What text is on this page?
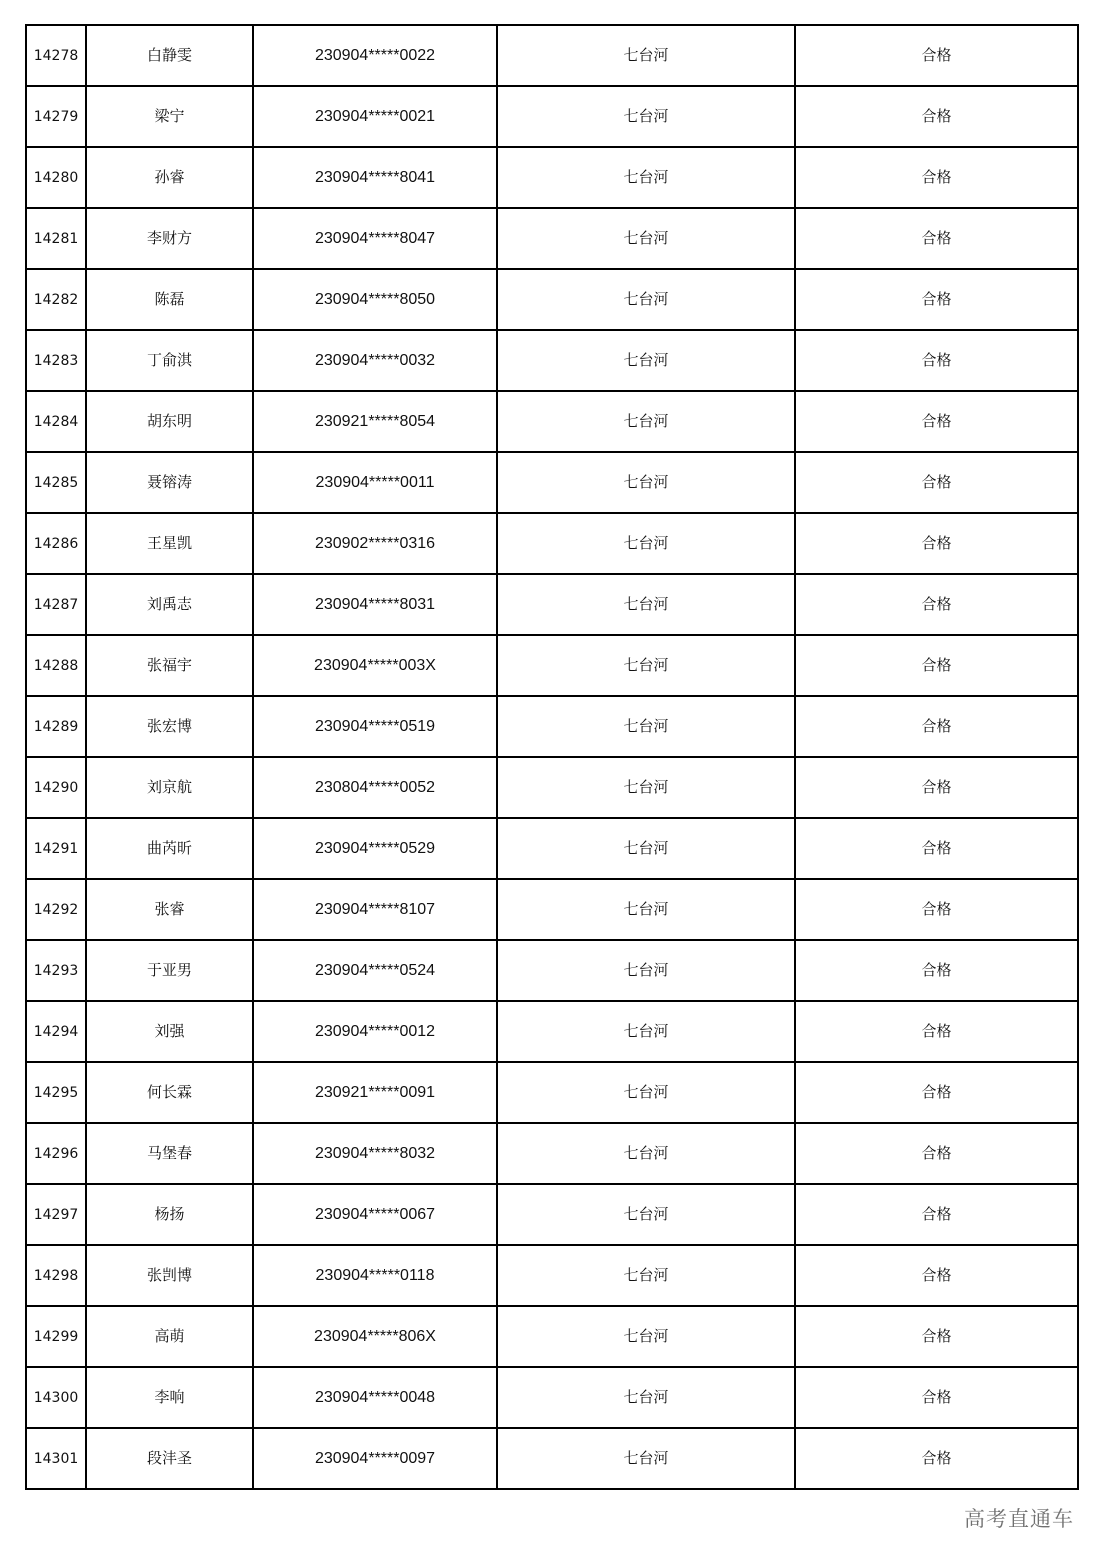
14278	白静雯	230904*****0022	七台河	合格
14279	梁宁	230904*****0021	七台河	合格
14280	孙睿	230904*****8041	七台河	合格
14281	李财方	230904*****8047	七台河	合格
14282	陈磊	230904*****8050	七台河	合格
14283	丁俞淇	230904*****0032	七台河	合格
14284	胡东明	230921*****8054	七台河	合格
14285	聂镕涛	230904*****0011	七台河	合格
14286	王星凯	230902*****0316	七台河	合格
14287	刘禹志	230904*****8031	七台河	合格
14288	张福宇	230904*****003X	七台河	合格
14289	张宏博	230904*****0519	七台河	合格
14290	刘京航	230804*****0052	七台河	合格
14291	曲芮昕	230904*****0529	七台河	合格
14292	张睿	230904*****8107	七台河	合格
14293	于亚男	230904*****0524	七台河	合格
14294	刘强	230904*****0012	七台河	合格
14295	何长霖	230921*****0091	七台河	合格
14296	马堡春	230904*****8032	七台河	合格
14297	杨扬	230904*****0067	七台河	合格
14298	张剀博	230904*****0118	七台河	合格
14299	高萌	230904*****806X	七台河	合格
14300	李响	230904*****0048	七台河	合格
14301	段沣圣	230904*****0097	七台河	合格
高考直通车
